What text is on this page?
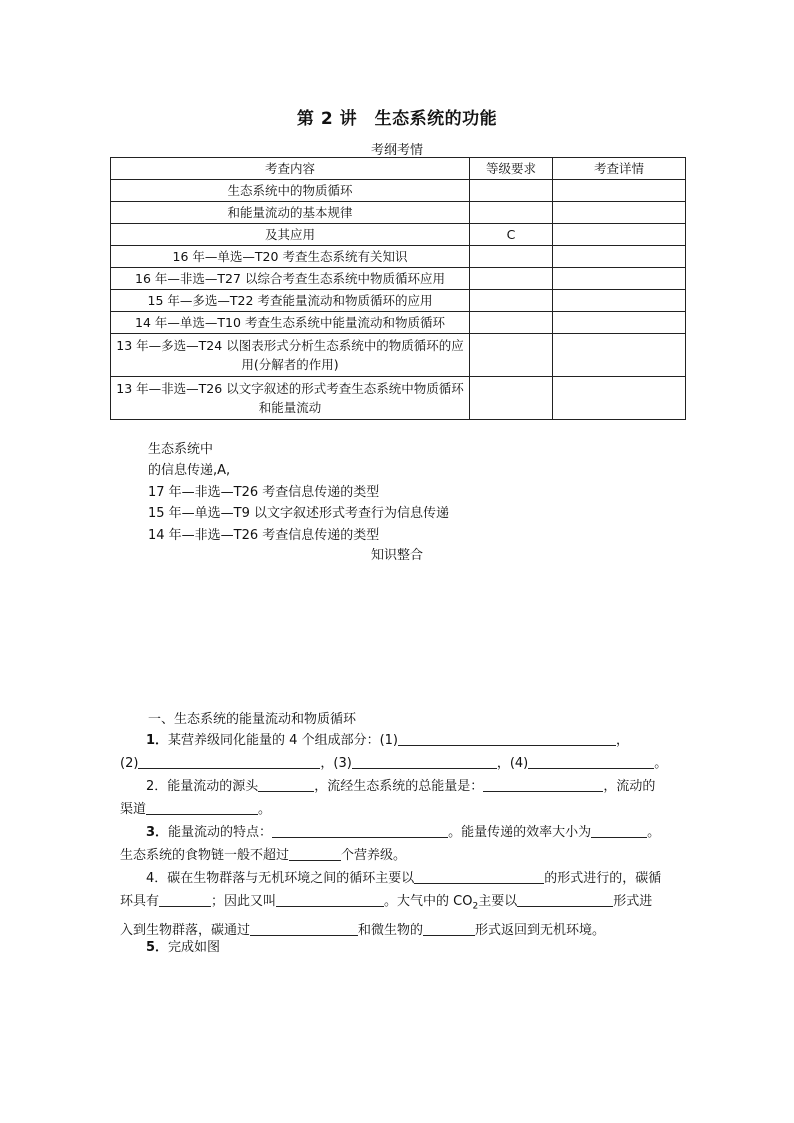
第 2 讲　生态系统的功能
考纲考情
考查内容	等级要求	考查详情
生态系统中的物质循环		
和能量流动的基本规律		
及其应用	C	
16 年—单选—T20 考查生态系统有关知识		
16 年—非选—T27 以综合考查生态系统中物质循环应用		
15 年—多选—T22 考查能量流动和物质循环的应用		
14 年—单选—T10 考查生态系统中能量流动和物质循环		
13 年—多选—T24 以图表形式分析生态系统中的物质循环的应用(分解者的作用)		
13 年—非选—T26 以文字叙述的形式考查生态系统中物质循环和能量流动		
生态系统中
的信息传递,A,
17 年—非选—T26 考查信息传递的类型
15 年—单选—T9 以文字叙述形式考查行为信息传递
14 年—非选—T26 考查信息传递的类型
知识整合
一、生态系统的能量流动和物质循环
1．某营养级同化能量的 4 个组成部分：(1)	，
(2)	，(3)	，(4)	。
2．能量流动的源头	，流经生态系统的总能量是：	，流动的
渠道	。
3．能量流动的特点：	。能量传递的效率大小为	。
生态系统的食物链一般不超过	个营养级。
4．碳在生物群落与无机环境之间的循环主要以	的形式进行的，碳循
环具有	；因此又叫	。大气中的 $CO_2$主要以	形式进
入到生物群落，碳通过	和微生物的	形式返回到无机环境。
5．完成如图
